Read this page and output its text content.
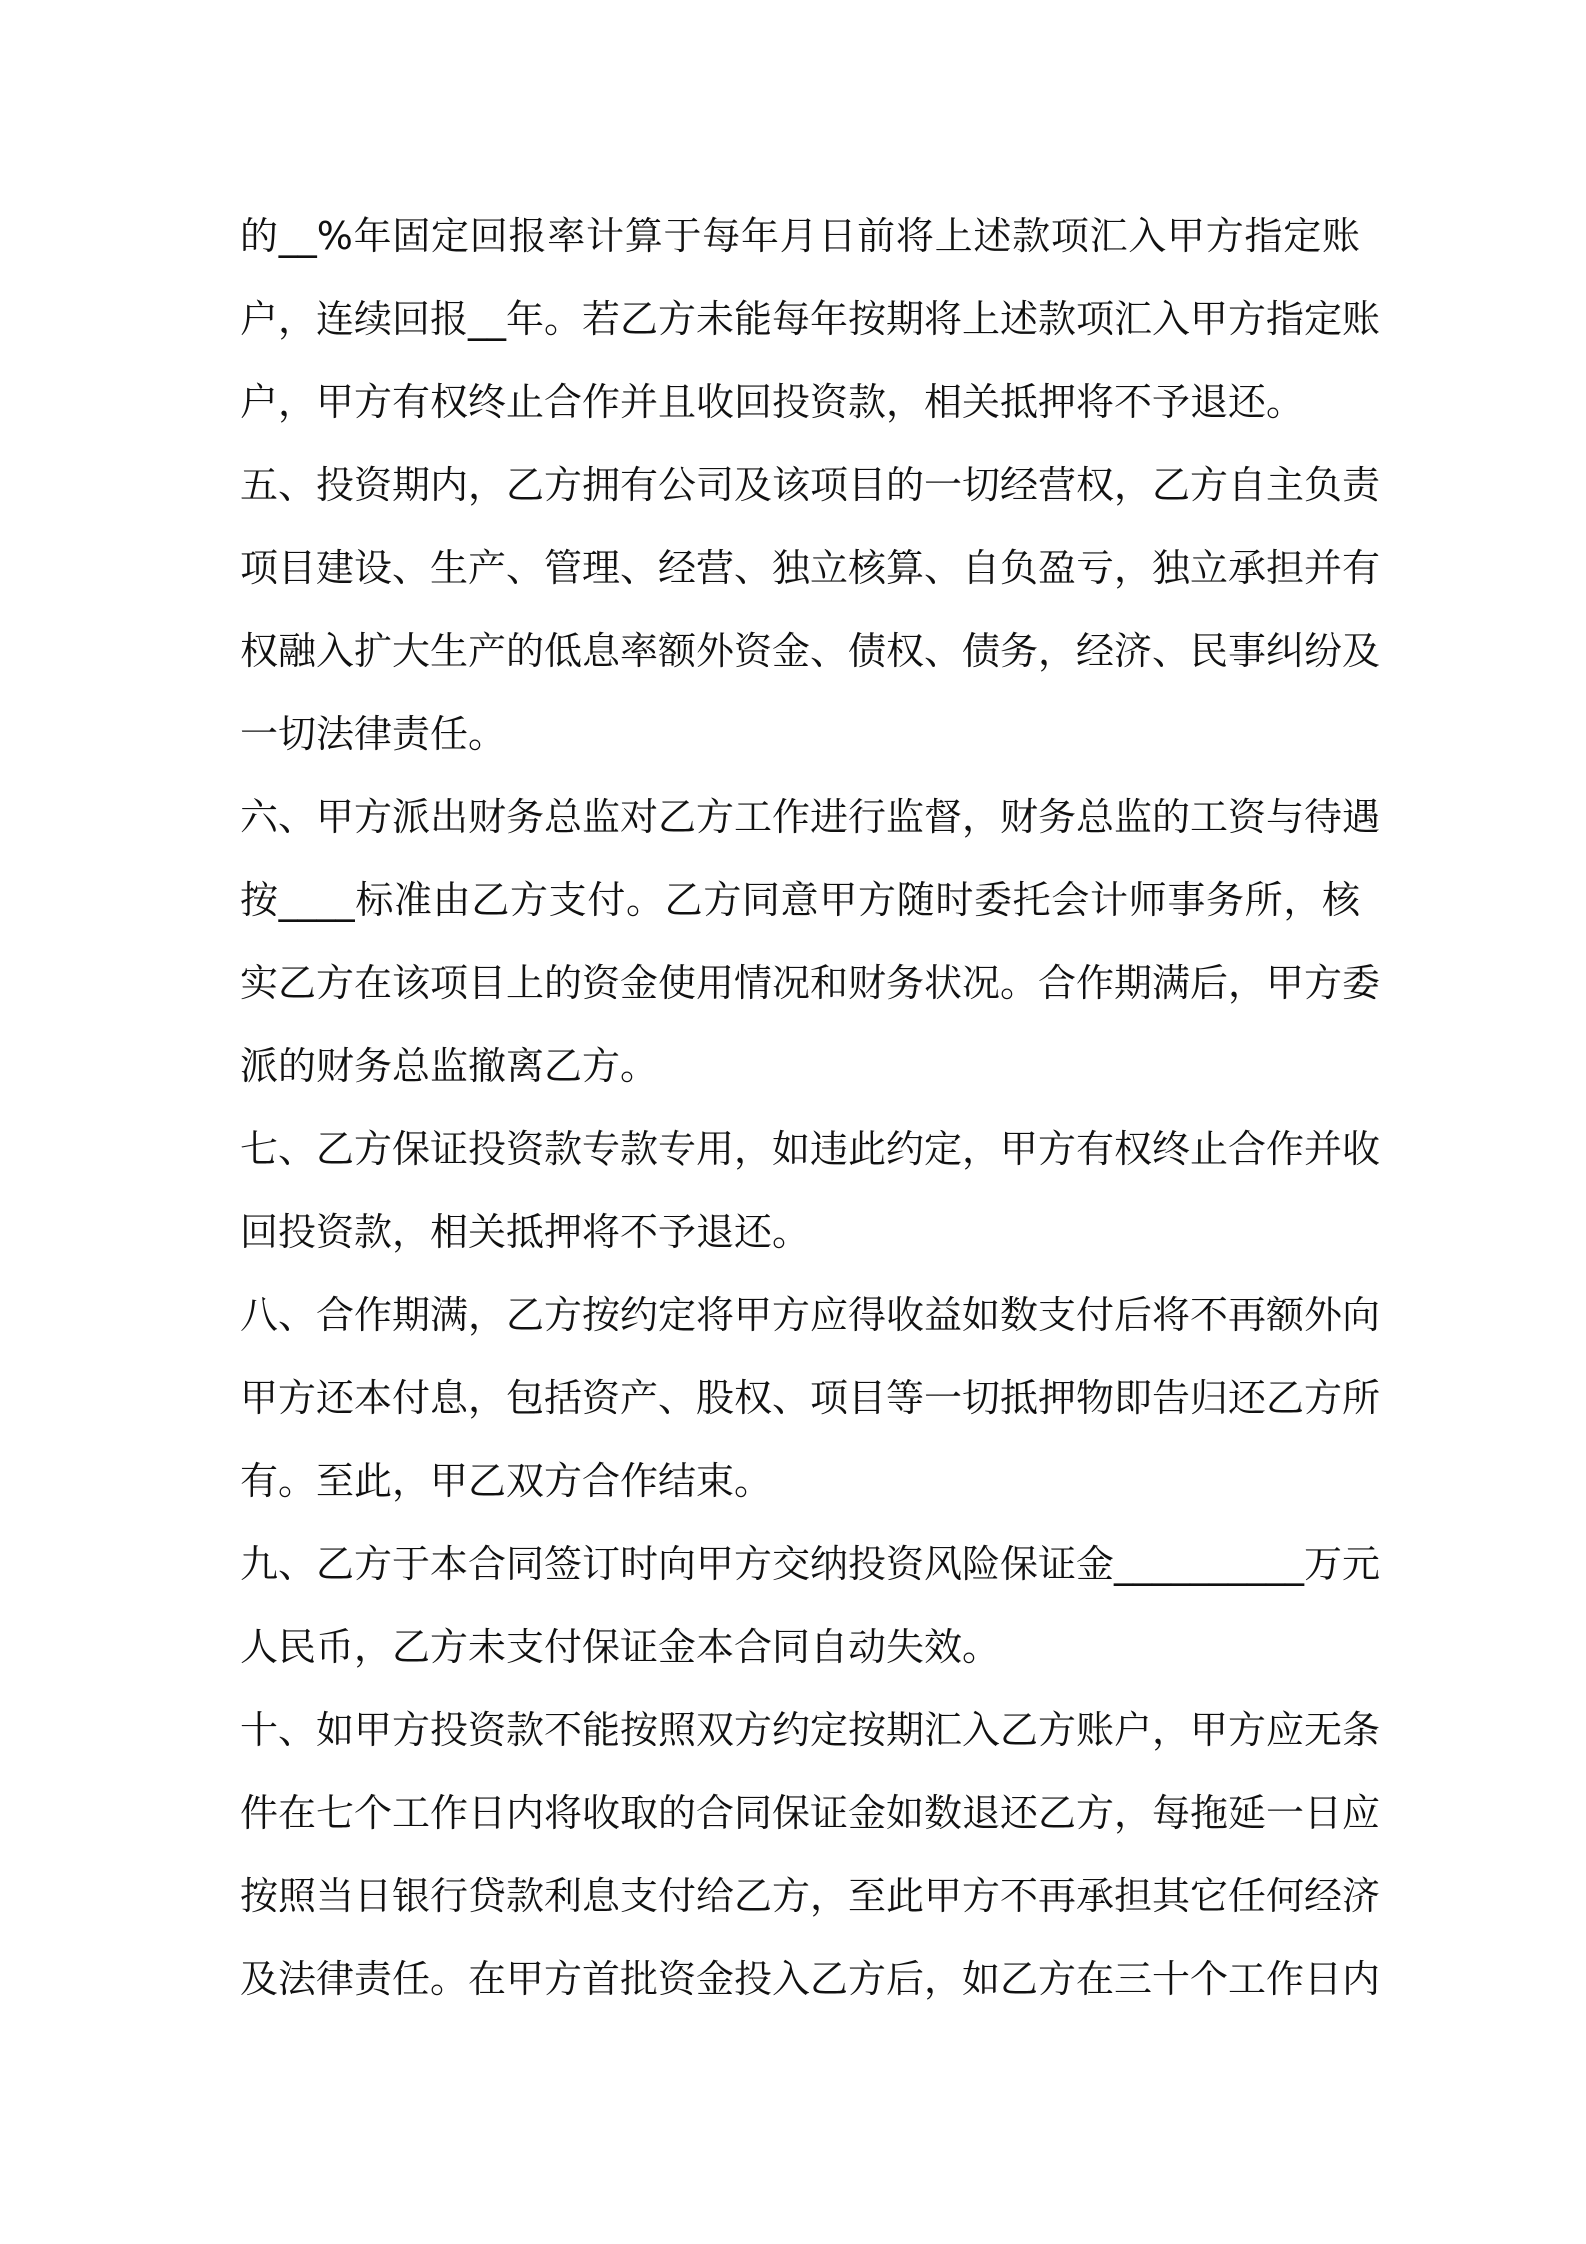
的__%年固定回报率计算于每年月日前将上述款项汇入甲方指定账
户，连续回报__年。若乙方未能每年按期将上述款项汇入甲方指定账
户，甲方有权终止合作并且收回投资款，相关抵押将不予退还。
五、投资期内，乙方拥有公司及该项目的一切经营权，乙方自主负责
项目建设、生产、管理、经营、独立核算、自负盈亏，独立承担并有
权融入扩大生产的低息率额外资金、债权、债务，经济、民事纠纷及
一切法律责任。
六、甲方派出财务总监对乙方工作进行监督，财务总监的工资与待遇
按____标准由乙方支付。乙方同意甲方随时委托会计师事务所，核
实乙方在该项目上的资金使用情况和财务状况。合作期满后，甲方委
派的财务总监撤离乙方。
七、乙方保证投资款专款专用，如违此约定，甲方有权终止合作并收
回投资款，相关抵押将不予退还。
八、合作期满，乙方按约定将甲方应得收益如数支付后将不再额外向
甲方还本付息，包括资产、股权、项目等一切抵押物即告归还乙方所
有。至此，甲乙双方合作结束。
九、乙方于本合同签订时向甲方交纳投资风险保证金__________万元
人民币，乙方未支付保证金本合同自动失效。
十、如甲方投资款不能按照双方约定按期汇入乙方账户，甲方应无条
件在七个工作日内将收取的合同保证金如数退还乙方，每拖延一日应
按照当日银行贷款利息支付给乙方，至此甲方不再承担其它任何经济
及法律责任。在甲方首批资金投入乙方后，如乙方在三十个工作日内
